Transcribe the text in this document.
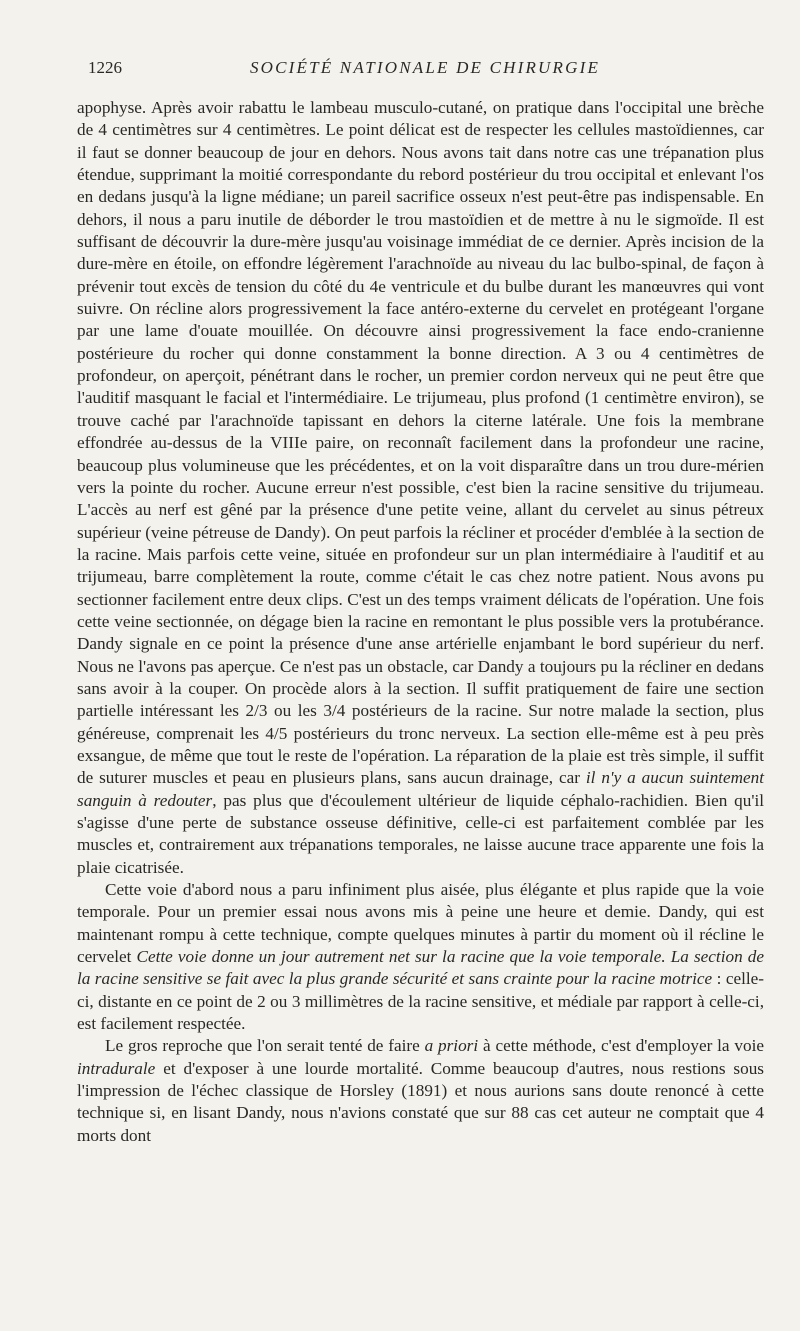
1226	SOCIÉTÉ NATIONALE DE CHIRURGIE

apophyse. Après avoir rabattu le lambeau musculo-cutané, on pratique dans l'occipital une brèche de 4 centimètres sur 4 centimètres. Le point délicat est de respecter les cellules mastoïdiennes, car il faut se donner beaucoup de jour en dehors. Nous avons tait dans notre cas une trépanation plus étendue, supprimant la moitié correspondante du rebord postérieur du trou occipital et enlevant l'os en dedans jusqu'à la ligne médiane; un pareil sacrifice osseux n'est peut-être pas indispensable. En dehors, il nous a paru inutile de déborder le trou mastoïdien et de mettre à nu le sigmoïde. Il est suffisant de découvrir la dure-mère jusqu'au voisinage immédiat de ce dernier. Après incision de la dure-mère en étoile, on effondre légèrement l'arachnoïde au niveau du lac bulbo-spinal, de façon à prévenir tout excès de tension du côté du 4e ventricule et du bulbe durant les manœuvres qui vont suivre. On récline alors progressivement la face antéro-externe du cervelet en protégeant l'organe par une lame d'ouate mouillée. On découvre ainsi progressivement la face endo-cranienne postérieure du rocher qui donne constamment la bonne direction. A 3 ou 4 centimètres de profondeur, on aperçoit, pénétrant dans le rocher, un premier cordon nerveux qui ne peut être que l'auditif masquant le facial et l'intermédiaire. Le trijumeau, plus profond (1 centimètre environ), se trouve caché par l'arachnoïde tapissant en dehors la citerne latérale. Une fois la membrane effondrée au-dessus de la VIIIe paire, on reconnaît facilement dans la profondeur une racine, beaucoup plus volumineuse que les précédentes, et on la voit disparaître dans un trou dure-mérien vers la pointe du rocher. Aucune erreur n'est possible, c'est bien la racine sensitive du trijumeau. L'accès au nerf est gêné par la présence d'une petite veine, allant du cervelet au sinus pétreux supérieur (veine pétreuse de Dandy). On peut parfois la récliner et procéder d'emblée à la section de la racine. Mais parfois cette veine, située en profondeur sur un plan intermédiaire à l'auditif et au trijumeau, barre complètement la route, comme c'était le cas chez notre patient. Nous avons pu sectionner facilement entre deux clips. C'est un des temps vraiment délicats de l'opération. Une fois cette veine sectionnée, on dégage bien la racine en remontant le plus possible vers la protubérance. Dandy signale en ce point la présence d'une anse artérielle enjambant le bord supérieur du nerf. Nous ne l'avons pas aperçue. Ce n'est pas un obstacle, car Dandy a toujours pu la récliner en dedans sans avoir à la couper. On procède alors à la section. Il suffit pratiquement de faire une section partielle intéressant les 2/3 ou les 3/4 postérieurs de la racine. Sur notre malade la section, plus généreuse, comprenait les 4/5 postérieurs du tronc nerveux. La section elle-même est à peu près exsangue, de même que tout le reste de l'opération. La réparation de la plaie est très simple, il suffit de suturer muscles et peau en plusieurs plans, sans aucun drainage, car il n'y a aucun suintement sanguin à redouter, pas plus que d'écoulement ultérieur de liquide céphalo-rachidien. Bien qu'il s'agisse d'une perte de substance osseuse définitive, celle-ci est parfaitement comblée par les muscles et, contrairement aux trépanations temporales, ne laisse aucune trace apparente une fois la plaie cicatrisée.

Cette voie d'abord nous a paru infiniment plus aisée, plus élégante et plus rapide que la voie temporale. Pour un premier essai nous avons mis à peine une heure et demie. Dandy, qui est maintenant rompu à cette technique, compte quelques minutes à partir du moment où il récline le cervelet Cette voie donne un jour autrement net sur la racine que la voie temporale. La section de la racine sensitive se fait avec la plus grande sécurité et sans crainte pour la racine motrice : celle-ci, distante en ce point de 2 ou 3 millimètres de la racine sensitive, et médiale par rapport à celle-ci, est facilement respectée.

Le gros reproche que l'on serait tenté de faire a priori à cette méthode, c'est d'employer la voie intradurale et d'exposer à une lourde mortalité. Comme beaucoup d'autres, nous restions sous l'impression de l'échec classique de Horsley (1891) et nous aurions sans doute renoncé à cette technique si, en lisant Dandy, nous n'avions constaté que sur 88 cas cet auteur ne comptait que 4 morts dont
